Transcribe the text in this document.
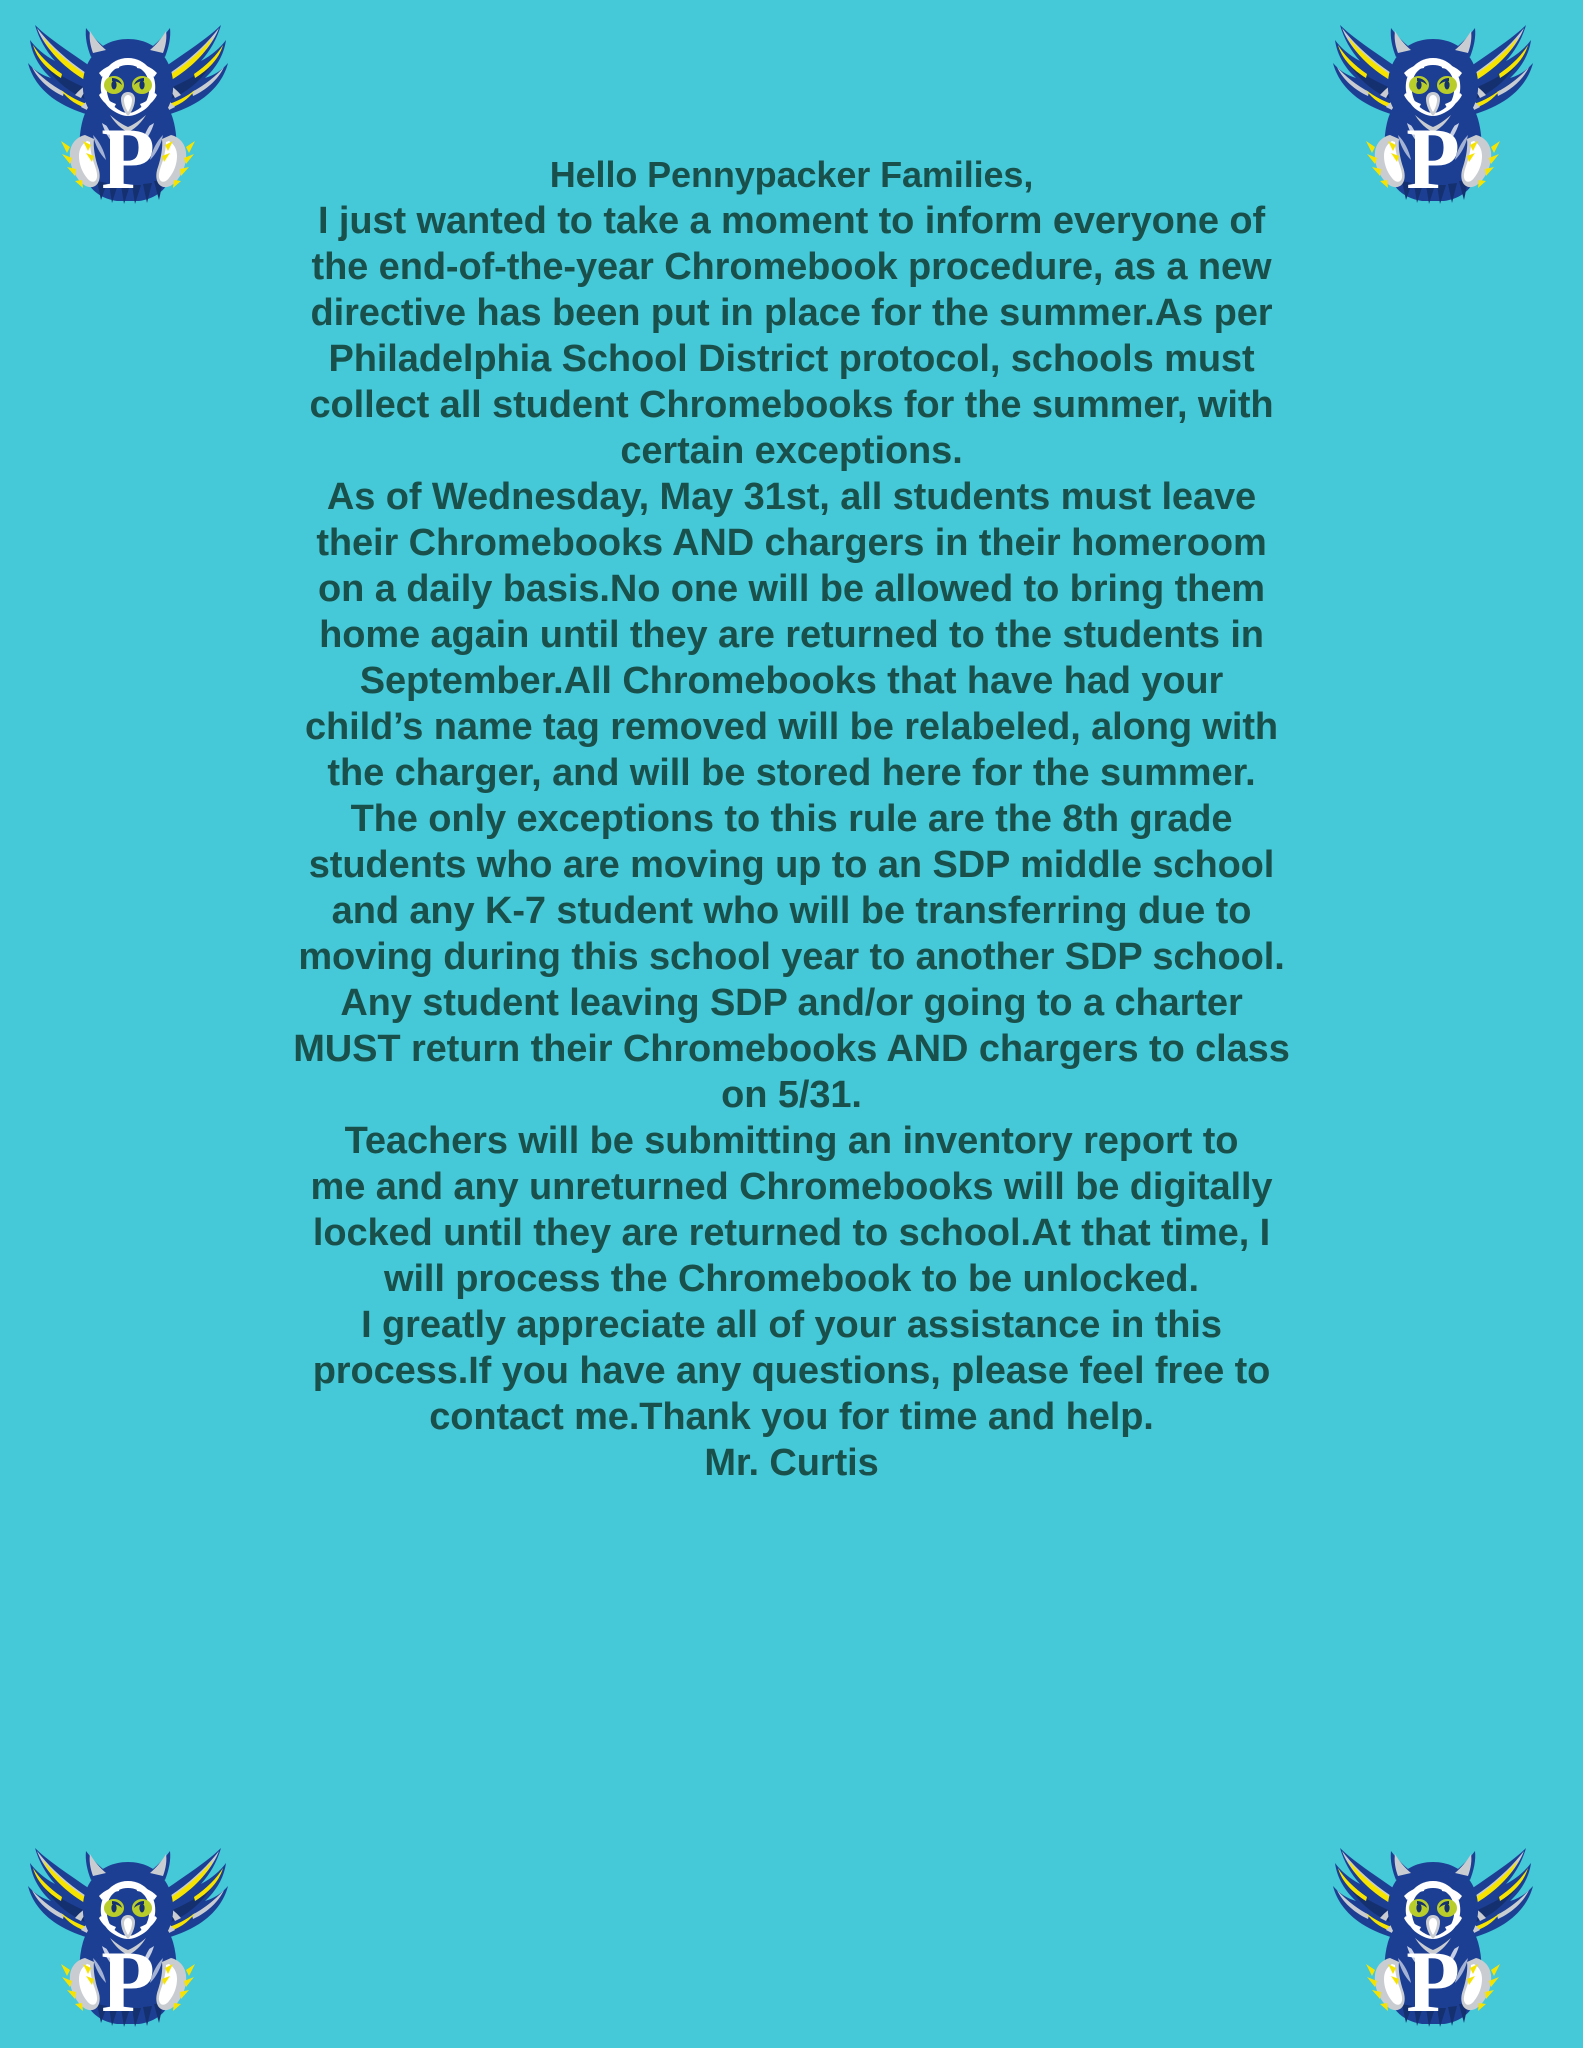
P	P
P	P

Hello Pennypacker Families,

I just wanted to take a moment to inform everyone of
the end-of-the-year Chromebook procedure, as a new
directive has been put in place for the summer.As per
Philadelphia School District protocol, schools must
collect all student Chromebooks for the summer, with
certain exceptions.

As of Wednesday, May 31st, all students must leave
their Chromebooks AND chargers in their homeroom
on a daily basis.No one will be allowed to bring them
home again until they are returned to the students in
September.All Chromebooks that have had your
child’s name tag removed will be relabeled, along with
the charger, and will be stored here for the summer.

The only exceptions to this rule are the 8th grade
students who are moving up to an SDP middle school
and any K-7 student who will be transferring due to
moving during this school year to another SDP school.

Any student leaving SDP and/or going to a charter
MUST return their Chromebooks AND chargers to class
on 5/31.

Teachers will be submitting an inventory report to
me and any unreturned Chromebooks will be digitally
locked until they are returned to school.At that time, I
will process the Chromebook to be unlocked.

I greatly appreciate all of your assistance in this
process.If you have any questions, please feel free to
contact me.Thank you for time and help.

Mr. Curtis
